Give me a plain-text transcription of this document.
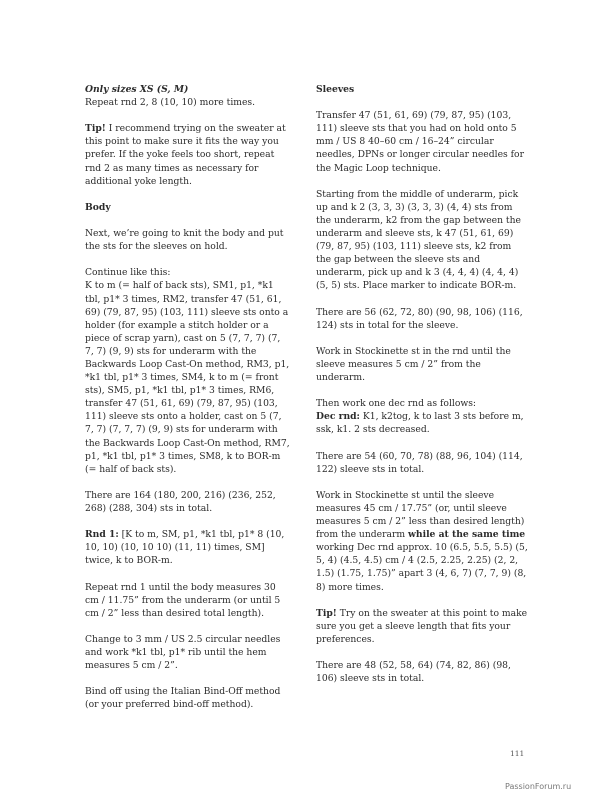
Only sizes XS (S, M)
Repeat rnd 2, 8 (10, 10) more times.

Tip! I recommend trying on the sweater at this point to make sure it fits the way you prefer. If the yoke feels too short, repeat rnd 2 as many times as necessary for additional yoke length.

Body

Next, we’re going to knit the body and put the sts for the sleeves on hold.

Continue like this:
K to m (= half of back sts), SM1, p1, *k1 tbl, p1* 3 times, RM2, transfer 47 (51, 61, 69) (79, 87, 95) (103, 111) sleeve sts onto a holder (for example a stitch holder or a piece of scrap yarn), cast on 5 (7, 7, 7) (7, 7, 7) (9, 9) sts for underarm with the Backwards Loop Cast-On method, RM3, p1, *k1 tbl, p1* 3 times, SM4, k to m (= front sts), SM5, p1, *k1 tbl, p1* 3 times, RM6, transfer 47 (51, 61, 69) (79, 87, 95) (103, 111) sleeve sts onto a holder, cast on 5 (7, 7, 7) (7, 7, 7) (9, 9) sts for underarm with the Backwards Loop Cast-On method, RM7, p1, *k1 tbl, p1* 3 times, SM8, k to BOR-m (= half of back sts).

There are 164 (180, 200, 216) (236, 252, 268) (288, 304) sts in total.

Rnd 1: [K to m, SM, p1, *k1 tbl, p1* 8 (10, 10, 10) (10, 10 10) (11, 11) times, SM] twice, k to BOR-m.

Repeat rnd 1 until the body measures 30 cm / 11.75” from the underarm (or until 5 cm / 2” less than desired total length).

Change to 3 mm / US 2.5 circular needles and work *k1 tbl, p1* rib until the hem measures 5 cm / 2”.

Bind off using the Italian Bind-Off method (or your preferred bind-off method).

Sleeves

Transfer 47 (51, 61, 69) (79, 87, 95) (103, 111) sleeve sts that you had on hold onto 5 mm / US 8 40–60 cm / 16–24” circular needles, DPNs or longer circular needles for the Magic Loop technique.

Starting from the middle of underarm, pick up and k 2 (3, 3, 3) (3, 3, 3) (4, 4) sts from the underarm, k2 from the gap between the underarm and sleeve sts, k 47 (51, 61, 69) (79, 87, 95) (103, 111) sleeve sts, k2 from the gap between the sleeve sts and underarm, pick up and k 3 (4, 4, 4) (4, 4, 4) (5, 5) sts. Place marker to indicate BOR-m.

There are 56 (62, 72, 80) (90, 98, 106) (116, 124) sts in total for the sleeve.

Work in Stockinette st in the rnd until the sleeve measures 5 cm / 2” from the underarm.

Then work one dec rnd as follows:
Dec rnd: K1, k2tog, k to last 3 sts before m, ssk, k1. 2 sts decreased.

There are 54 (60, 70, 78) (88, 96, 104) (114, 122) sleeve sts in total.

Work in Stockinette st until the sleeve measures 45 cm / 17.75” (or, until sleeve measures 5 cm / 2” less than desired length) from the underarm while at the same time working Dec rnd approx. 10 (6.5, 5.5, 5.5) (5, 5, 4) (4.5, 4.5) cm / 4 (2.5, 2.25, 2.25) (2, 2, 1.5) (1.75, 1.75)” apart 3 (4, 6, 7) (7, 7, 9) (8, 8) more times.

Tip! Try on the sweater at this point to make sure you get a sleeve length that fits your preferences.

There are 48 (52, 58, 64) (74, 82, 86) (98, 106) sleeve sts in total.

111
PassionForum.ru
